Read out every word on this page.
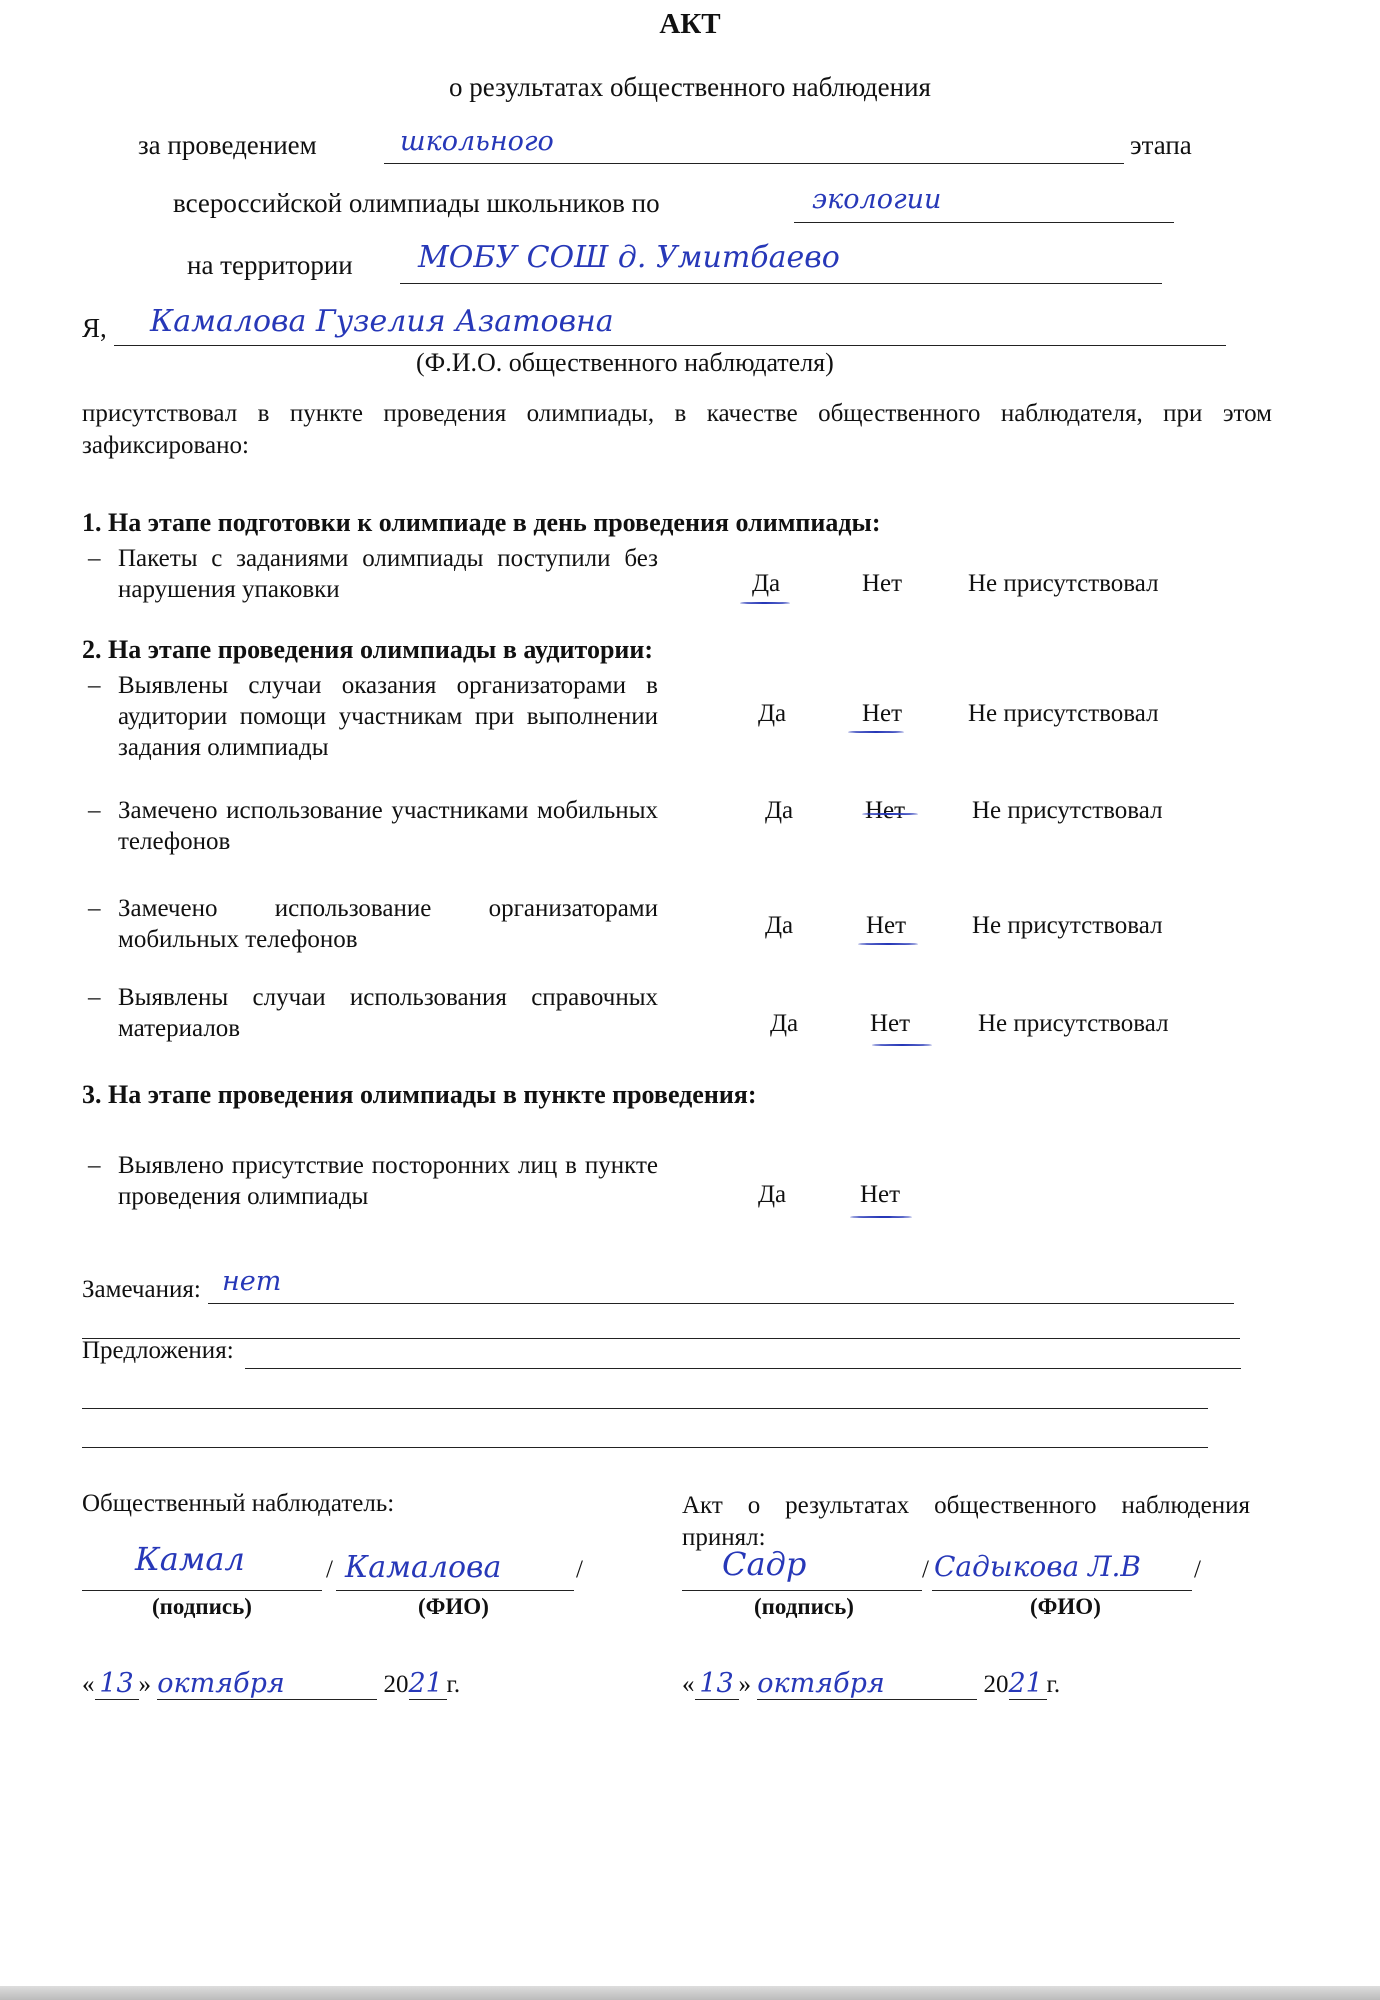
АКТ
о результатах общественного наблюдения
за проведением	школьного	этапа
всероссийской олимпиады школьников по	экологии
на территории МОБУ СОШ д. Умитбаево
Я, Камалова Гузелия Азатовна
(Ф.И.О. общественного наблюдателя)
присутствовал в пункте проведения олимпиады, в качестве общественного наблюдателя, при этом зафиксировано:
1. На этапе подготовки к олимпиаде в день проведения олимпиады:
– Пакеты с заданиями олимпиады поступили без нарушения упаковки	Да	Нет	Не присутствовал
2. На этапе проведения олимпиады в аудитории:
– Выявлены случаи оказания организаторами в аудитории помощи участникам при выполнении задания олимпиады
Да	Нет	Не присутствовал
– Замечено использование участниками мобильных телефонов
Да	Нет	Не присутствовал
– Замечено использование организаторами мобильных телефонов
Да	Нет	Не присутствовал
– Выявлены случаи использования справочных материалов	Да	Нет	Не присутствовал
3. На этапе проведения олимпиады в пункте проведения:
– Выявлено присутствие посторонних лиц в пункте проведения олимпиады	Да	Нет
Замечания: нет
Предложения:
Общественный наблюдатель:
Камал	/ Камалова	/
(подпись)	(ФИО)
« 13 » октября	2021 г.
Акт о результатах общественного наблюдения принял:
Садр	/ Садыкова Л.В /
(подпись)	(ФИО)
« 13 » октября	2021 г.
